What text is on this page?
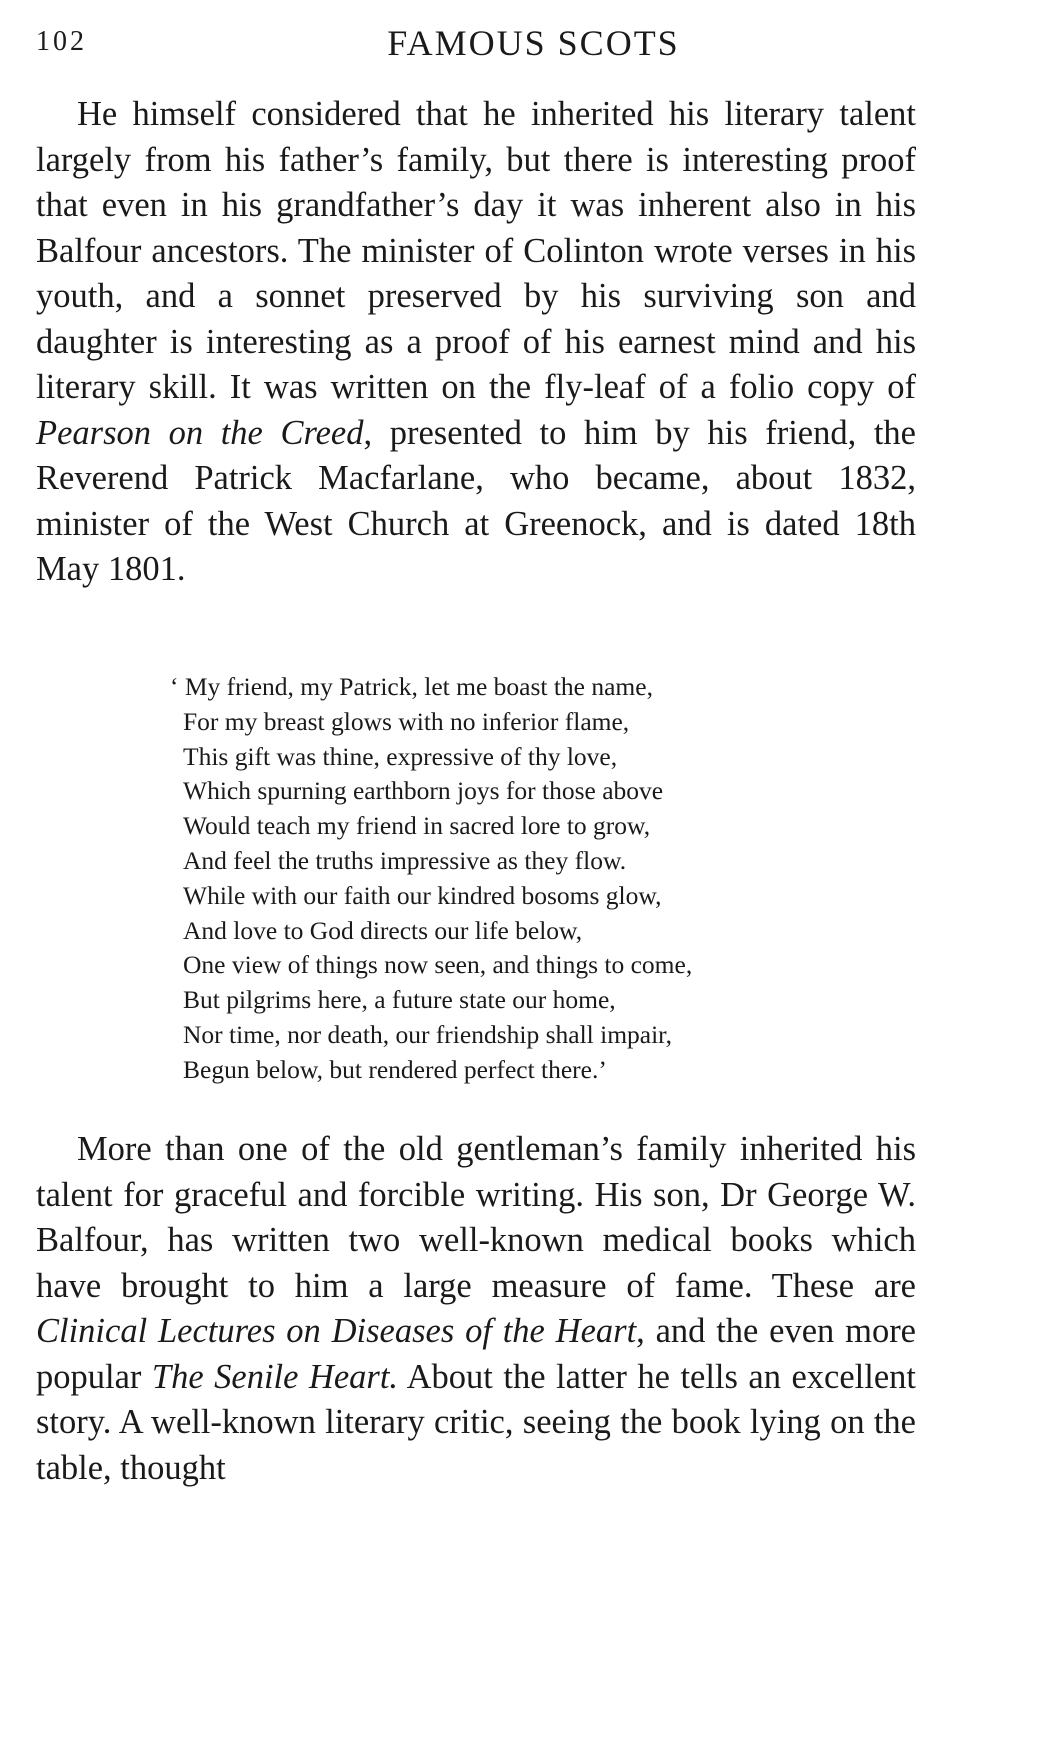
102	FAMOUS SCOTS

He himself considered that he inherited his literary talent largely from his father’s family, but there is interesting proof that even in his grandfather’s day it was inherent also in his Balfour ancestors. The minister of Colinton wrote verses in his youth, and a sonnet preserved by his surviving son and daughter is interesting as a proof of his earnest mind and his literary skill. It was written on the fly-leaf of a folio copy of Pearson on the Creed, presented to him by his friend, the Reverend Patrick Macfarlane, who became, about 1832, minister of the West Church at Greenock, and is dated 18th May 1801.

‘ My friend, my Patrick, let me boast the name,
For my breast glows with no inferior flame,
This gift was thine, expressive of thy love,
Which spurning earthborn joys for those above
Would teach my friend in sacred lore to grow,
And feel the truths impressive as they flow.
While with our faith our kindred bosoms glow,
And love to God directs our life below,
One view of things now seen, and things to come,
But pilgrims here, a future state our home,
Nor time, nor death, our friendship shall impair,
Begun below, but rendered perfect there.’

More than one of the old gentleman’s family inherited his talent for graceful and forcible writing. His son, Dr George W. Balfour, has written two well-known medical books which have brought to him a large measure of fame. These are Clinical Lectures on Diseases of the Heart, and the even more popular The Senile Heart. About the latter he tells an excellent story. A well-known literary critic, seeing the book lying on the table, thought
